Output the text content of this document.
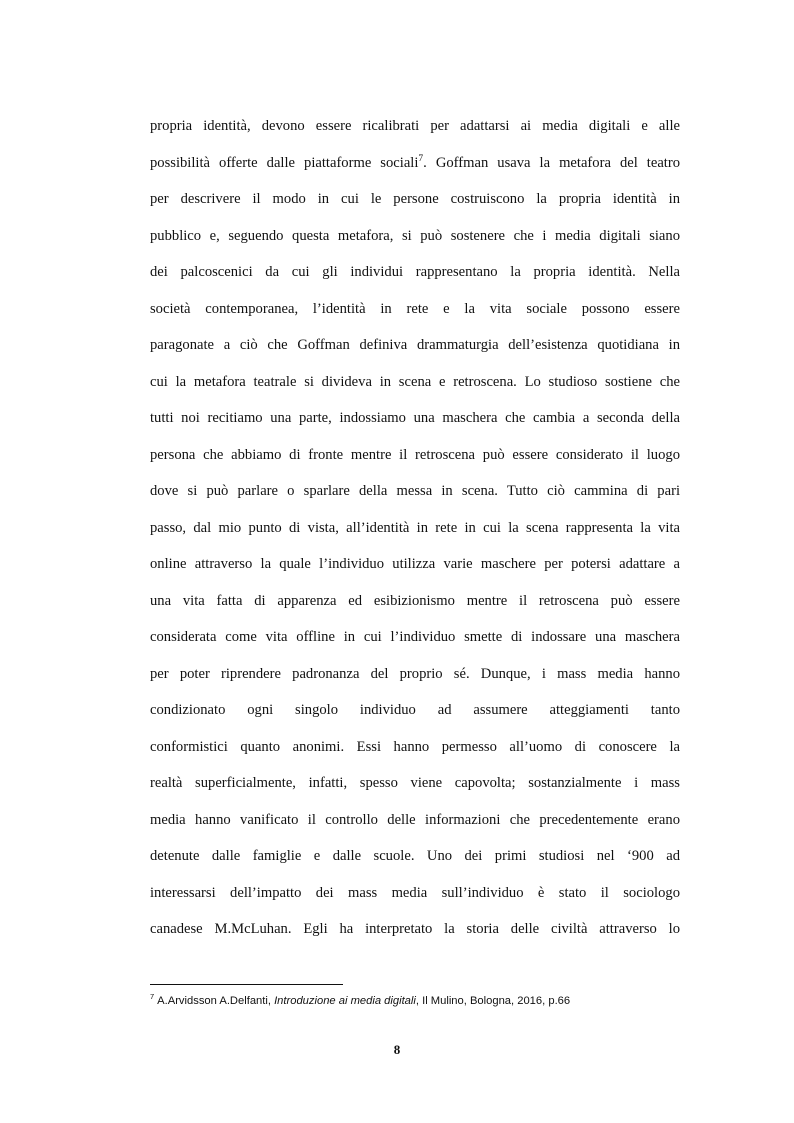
propria identità, devono essere ricalibrati per adattarsi ai media digitali e alle
possibilità offerte dalle piattaforme sociali$^7$. Goffman usava la metafora del teatro
per descrivere il modo in cui le persone costruiscono la propria identità in
pubblico e, seguendo questa metafora, si può sostenere che i media digitali siano
dei palcoscenici da cui gli individui rappresentano la propria identità. Nella
società contemporanea, l’identità in rete e la vita sociale possono essere
paragonate a ciò che Goffman definiva drammaturgia dell’esistenza quotidiana in
cui la metafora teatrale si divideva in scena e retroscena. Lo studioso sostiene che
tutti noi recitiamo una parte, indossiamo una maschera che cambia a seconda della
persona che abbiamo di fronte mentre il retroscena può essere considerato il luogo
dove si può parlare o sparlare della messa in scena. Tutto ciò cammina di pari
passo, dal mio punto di vista, all’identità in rete in cui la scena rappresenta la vita
online attraverso la quale l’individuo utilizza varie maschere per potersi adattare a
una vita fatta di apparenza ed esibizionismo mentre il retroscena può essere
considerata come vita offline in cui l’individuo smette di indossare una maschera
per poter riprendere padronanza del proprio sé. Dunque, i mass media hanno
condizionato ogni singolo individuo ad assumere atteggiamenti tanto
conformistici quanto anonimi. Essi hanno permesso all’uomo di conoscere la
realtà superficialmente, infatti, spesso viene capovolta; sostanzialmente i mass
media hanno vanificato il controllo delle informazioni che precedentemente erano
detenute dalle famiglie e dalle scuole. Uno dei primi studiosi nel ‘900 ad
interessarsi dell’impatto dei mass media sull’individuo è stato il sociologo
canadese M.McLuhan. Egli ha interpretato la storia delle civiltà attraverso lo
$^7$ A.Arvidsson A.Delfanti, Introduzione ai media digitali, Il Mulino, Bologna, 2016, p.66
8
